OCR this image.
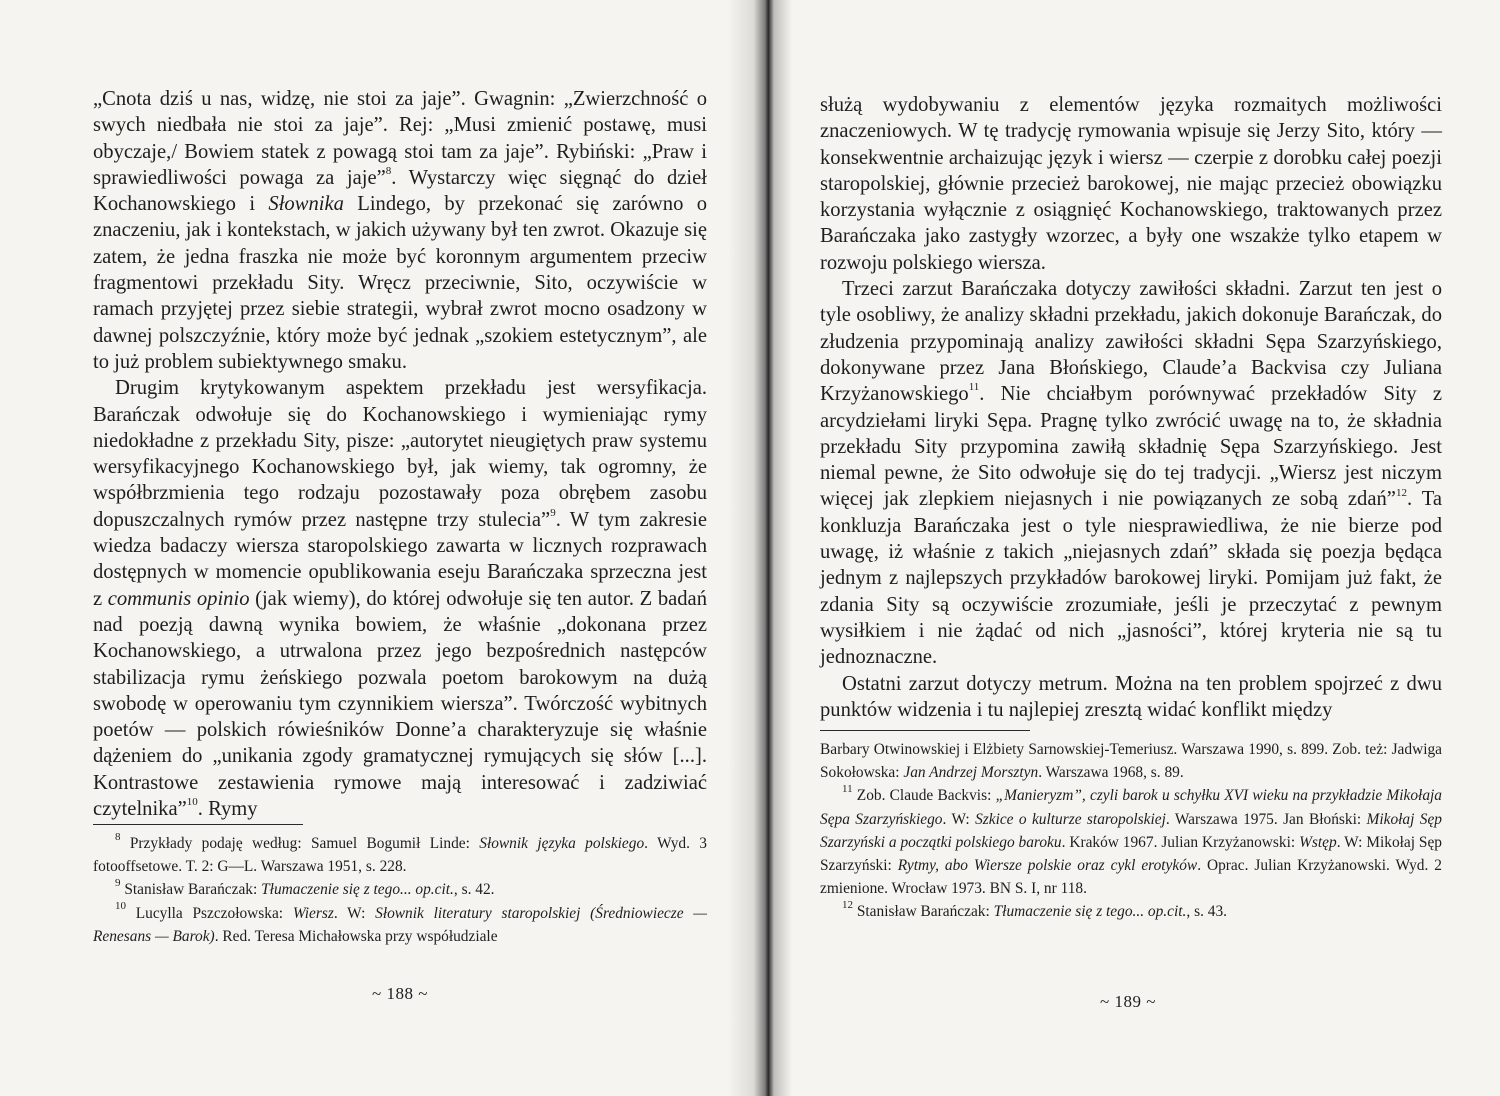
„Cnota dziś u nas, widzę, nie stoi za jaje”. Gwagnin: „Zwierzchność o swych niedbała nie stoi za jaje”. Rej: „Musi zmienić postawę, musi obyczaje,/ Bowiem statek z powagą stoi tam za jaje”. Rybiński: „Praw i sprawiedliwości powaga za jaje”$^8$. Wystarczy więc sięgnąć do dzieł Kochanowskiego i Słownika Lindego, by przekonać się zarówno o znaczeniu, jak i kontekstach, w jakich używany był ten zwrot. Okazuje się zatem, że jedna fraszka nie może być koronnym argumentem przeciw fragmentowi przekładu Sity. Wręcz przeciwnie, Sito, oczywiście w ramach przyjętej przez siebie strategii, wybrał zwrot mocno osadzony w dawnej polszczyźnie, który może być jednak „szokiem estetycznym”, ale to już problem subiektywnego smaku.

Drugim krytykowanym aspektem przekładu jest wersyfikacja. Barańczak odwołuje się do Kochanowskiego i wymieniając rymy niedokładne z przekładu Sity, pisze: „autorytet nieugiętych praw systemu wersyfikacyjnego Kochanowskiego był, jak wiemy, tak ogromny, że współbrzmienia tego rodzaju pozostawały poza obrębem zasobu dopuszczalnych rymów przez następne trzy stulecia”$^9$. W tym zakresie wiedza badaczy wiersza staropolskiego zawarta w licznych rozprawach dostępnych w momencie opublikowania eseju Barańczaka sprzeczna jest z communis opinio (jak wiemy), do której odwołuje się ten autor. Z badań nad poezją dawną wynika bowiem, że właśnie „dokonana przez Kochanowskiego, a utrwalona przez jego bezpośrednich następców stabilizacja rymu żeńskiego pozwala poetom barokowym na dużą swobodę w operowaniu tym czynnikiem wiersza”. Twórczość wybitnych poetów — polskich rówieśników Donne’a charakteryzuje się właśnie dążeniem do „unikania zgody gramatycznej rymujących się słów [...]. Kontrastowe zestawienia rymowe mają interesować i zadziwiać czytelnika”$^{10}$. Rymy

$^8$ Przykłady podaję według: Samuel Bogumił Linde: Słownik języka polskiego. Wyd. 3 fotooffsetowe. T. 2: G—L. Warszawa 1951, s. 228.

$^9$ Stanisław Barańczak: Tłumaczenie się z tego... op.cit., s. 42.

$^{10}$ Lucylla Pszczołowska: Wiersz. W: Słownik literatury staropolskiej (Średniowiecze — Renesans — Barok). Red. Teresa Michałowska przy współudziale

~ 188 ~

służą wydobywaniu z elementów języka rozmaitych możliwości znaczeniowych. W tę tradycję rymowania wpisuje się Jerzy Sito, który — konsekwentnie archaizując język i wiersz — czerpie z dorobku całej poezji staropolskiej, głównie przecież barokowej, nie mając przecież obowiązku korzystania wyłącznie z osiągnięć Kochanowskiego, traktowanych przez Barańczaka jako zastygły wzorzec, a były one wszakże tylko etapem w rozwoju polskiego wiersza.

Trzeci zarzut Barańczaka dotyczy zawiłości składni. Zarzut ten jest o tyle osobliwy, że analizy składni przekładu, jakich dokonuje Barańczak, do złudzenia przypominają analizy zawiłości składni Sępa Szarzyńskiego, dokonywane przez Jana Błońskiego, Claude’a Backvisa czy Juliana Krzyżanowskiego$^{11}$. Nie chciałbym porównywać przekładów Sity z arcydziełami liryki Sępa. Pragnę tylko zwrócić uwagę na to, że składnia przekładu Sity przypomina zawiłą składnię Sępa Szarzyńskiego. Jest niemal pewne, że Sito odwołuje się do tej tradycji. „Wiersz jest niczym więcej jak zlepkiem niejasnych i nie powiązanych ze sobą zdań”$^{12}$. Ta konkluzja Barańczaka jest o tyle niesprawiedliwa, że nie bierze pod uwagę, iż właśnie z takich „niejasnych zdań” składa się poezja będąca jednym z najlepszych przykładów barokowej liryki. Pomijam już fakt, że zdania Sity są oczywiście zrozumiałe, jeśli je przeczytać z pewnym wysiłkiem i nie żądać od nich „jasności”, której kryteria nie są tu jednoznaczne.

Ostatni zarzut dotyczy metrum. Można na ten problem spojrzeć z dwu punktów widzenia i tu najlepiej zresztą widać konflikt między

Barbary Otwinowskiej i Elżbiety Sarnowskiej-Temeriusz. Warszawa 1990, s. 899. Zob. też: Jadwiga Sokołowska: Jan Andrzej Morsztyn. Warszawa 1968, s. 89.

$^{11}$ Zob. Claude Backvis: „Manieryzm”, czyli barok u schyłku XVI wieku na przykładzie Mikołaja Sępa Szarzyńskiego. W: Szkice o kulturze staropolskiej. Warszawa 1975. Jan Błoński: Mikołaj Sęp Szarzyński a początki polskiego baroku. Kraków 1967. Julian Krzyżanowski: Wstęp. W: Mikołaj Sęp Szarzyński: Rytmy, abo Wiersze polskie oraz cykl erotyków. Oprac. Julian Krzyżanowski. Wyd. 2 zmienione. Wrocław 1973. BN S. I, nr 118.

$^{12}$ Stanisław Barańczak: Tłumaczenie się z tego... op.cit., s. 43.

~ 189 ~
